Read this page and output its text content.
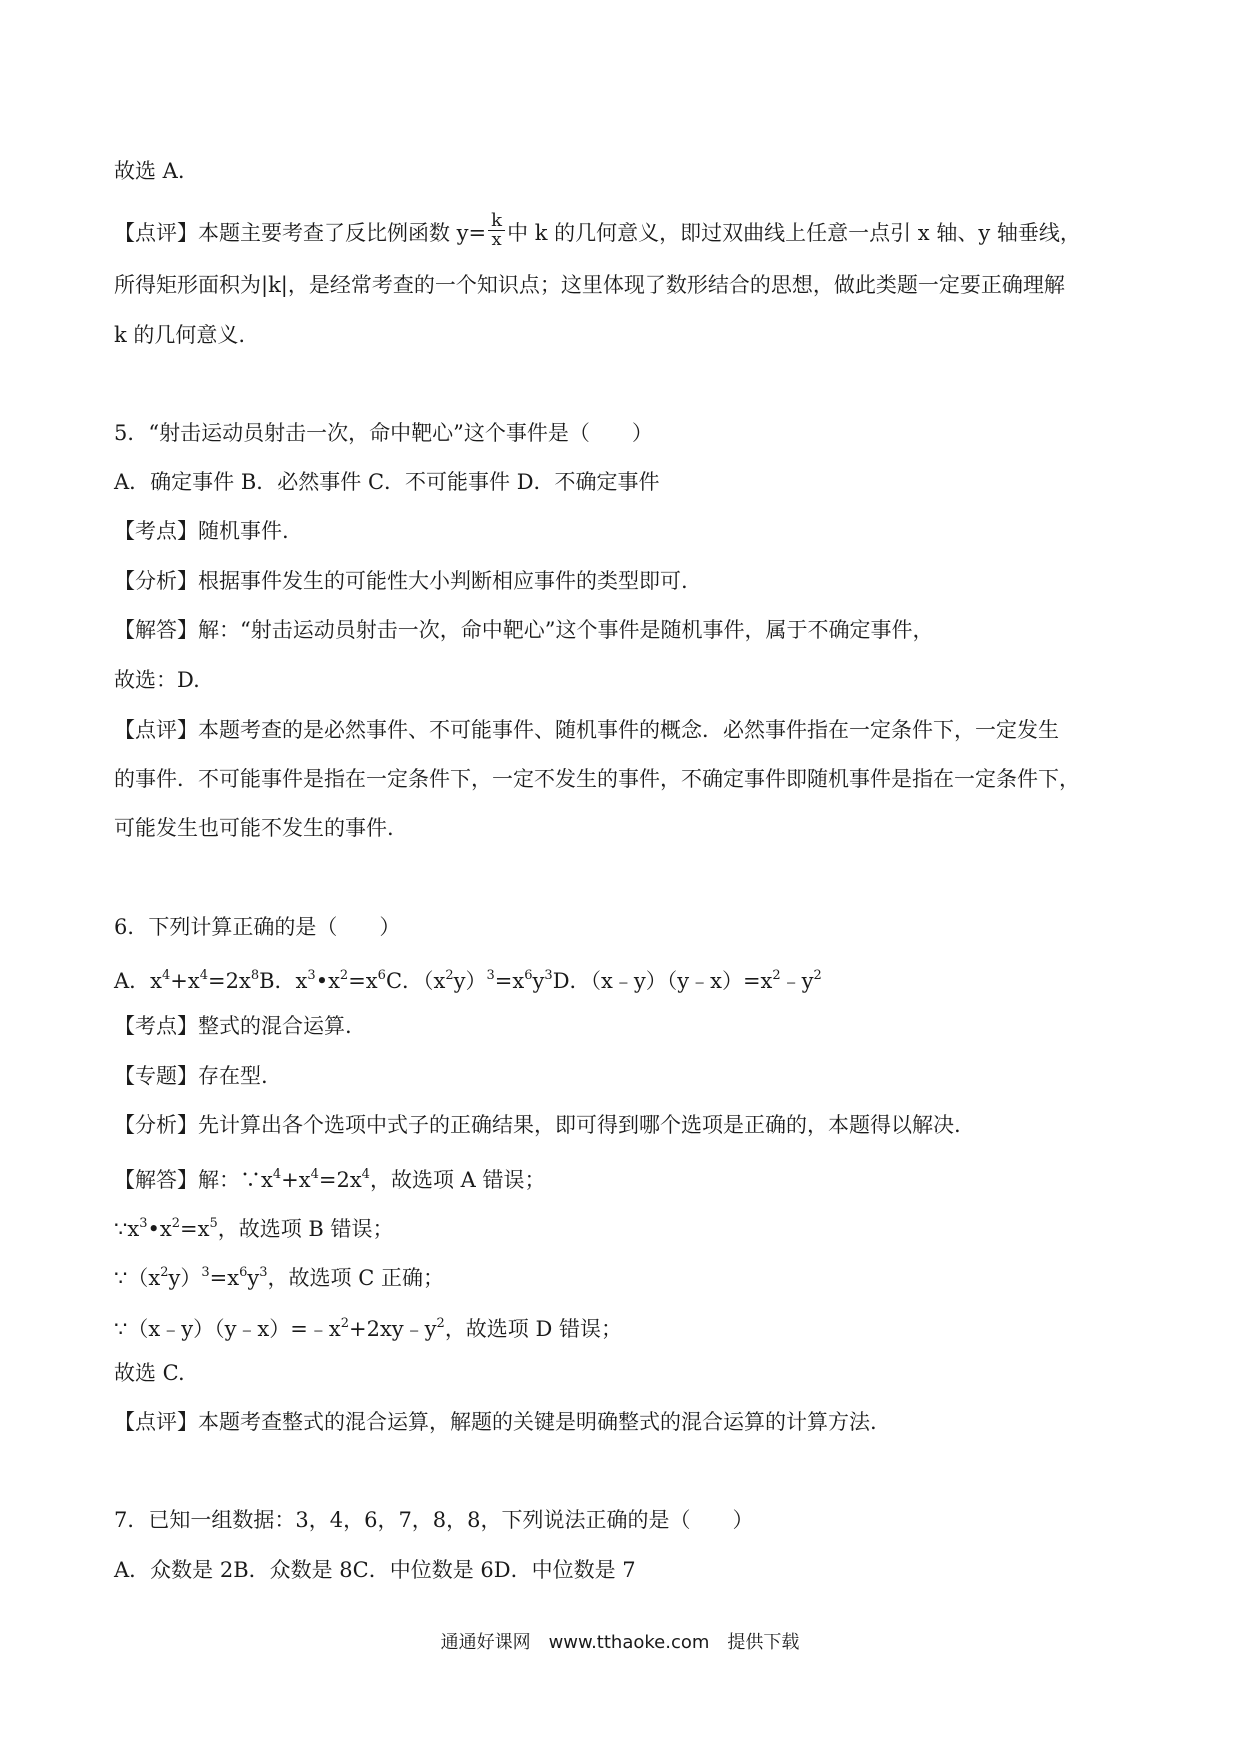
故选 A.
【点评】本题主要考查了反比例函数 $y= \frac{k}{x}$ 中 k 的几何意义，即过双曲线上任意一点引 x 轴、y 轴垂线，
所得矩形面积为|k|，是经常考查的一个知识点；这里体现了数形结合的思想，做此类题一定要正确理解
k 的几何意义.
5．“射击运动员射击一次，命中靶心”这个事件是（　　）
A．确定事件 B．必然事件 C．不可能事件 D．不确定事件
【考点】随机事件.
【分析】根据事件发生的可能性大小判断相应事件的类型即可.
【解答】解：“射击运动员射击一次，命中靶心”这个事件是随机事件，属于不确定事件，
故选：D.
【点评】本题考查的是必然事件、不可能事件、随机事件的概念．必然事件指在一定条件下，一定发生
的事件．不可能事件是指在一定条件下，一定不发生的事件，不确定事件即随机事件是指在一定条件下，
可能发生也可能不发生的事件.
6．下列计算正确的是（　　）
A．$x^4+x^4=2x^8B$．$x^3•x^2=x^6C$．$(x^2y)^3=x^6y^3D$．$(x﹣y)(y﹣x)=x^2﹣y^2$
【考点】整式的混合运算.
【专题】存在型.
【分析】先计算出各个选项中式子的正确结果，即可得到哪个选项是正确的，本题得以解决.
【解答】解：$\because x^4+x^4=2x^4$，故选项 A 错误；
$\because x^3•x^2=x^5$，故选项 B 错误；
$\because(x^2y)^3=x^6y^3$，故选项 C 正确；
$\because(x﹣y)(y﹣x)=﹣x^2+2xy﹣y^2$，故选项 D 错误；
故选 C.
【点评】本题考查整式的混合运算，解题的关键是明确整式的混合运算的计算方法.
7．已知一组数据：3，4，6，7，8，8，下列说法正确的是（　　）
A．众数是 2B．众数是 8C．中位数是 6D．中位数是 7
通通好课网　www.tthaoke.com　提供下载
